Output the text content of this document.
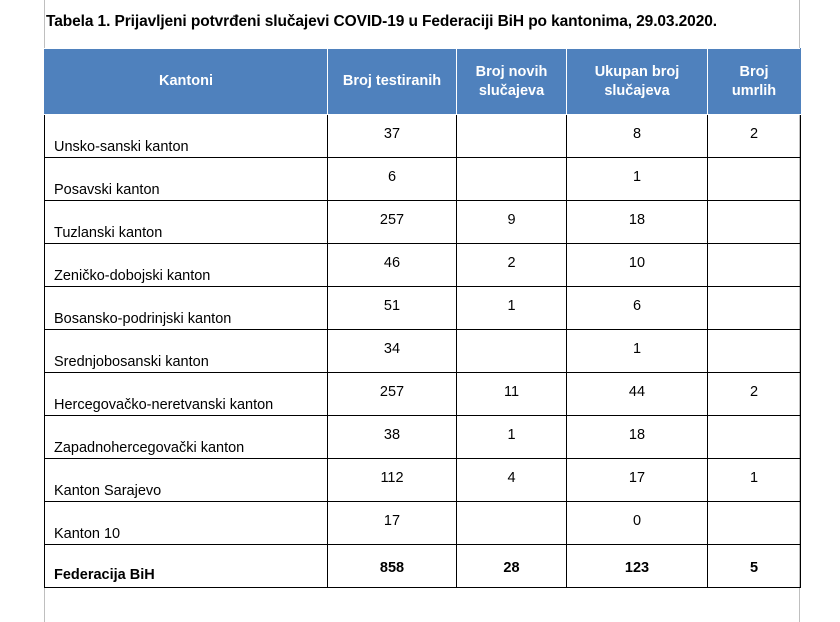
Tabela 1. Prijavljeni potvrđeni slučajevi COVID-19 u Federaciji BiH po kantonima, 29.03.2020.
Kantoni	Broj testiranih	Broj novih slučajeva	Ukupan broj slučajeva	Broj umrlih
Unsko-sanski kanton	37		8	2
Posavski kanton	6		1	
Tuzlanski kanton	257	9	18	
Zeničko-dobojski kanton	46	2	10	
Bosansko-podrinjski kanton	51	1	6	
Srednjobosanski kanton	34		1	
Hercegovačko-neretvanski kanton	257	11	44	2
Zapadnohercegovački kanton	38	1	18	
Kanton Sarajevo	112	4	17	1
Kanton 10	17		0	
Federacija BiH	858	28	123	5
